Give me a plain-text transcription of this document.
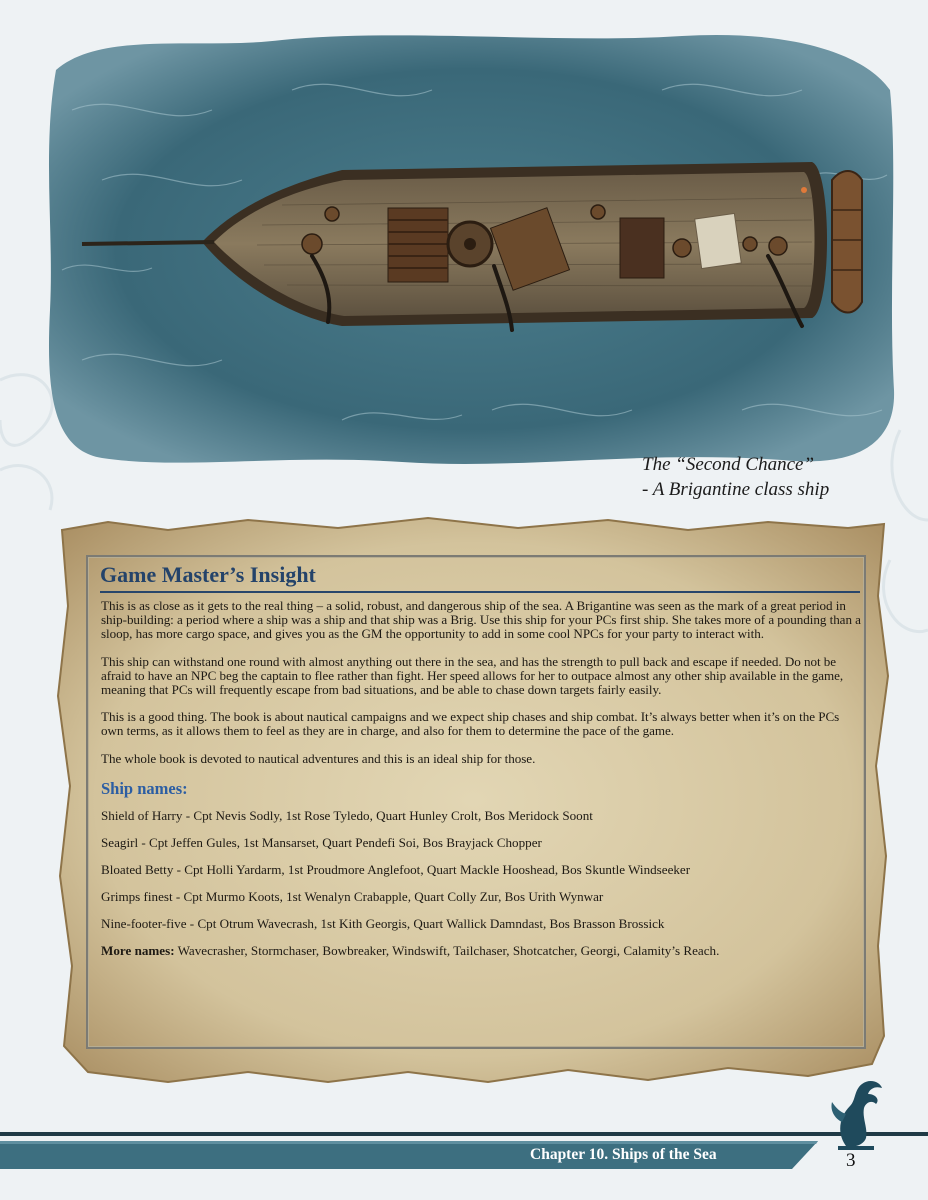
The “Second Chance”
- A Brigantine class ship
Game Master’s Insight

This is as close as it gets to the real thing – a solid, robust, and dangerous ship of the sea. A Brigantine was seen as the mark of a great period in ship-building: a period where a ship was a ship and that ship was a Brig. Use this ship for your PCs first ship. She takes more of a pounding than a sloop, has more cargo space, and gives you as the GM the opportunity to add in some cool NPCs for your party to interact with.

This ship can withstand one round with almost anything out there in the sea, and has the strength to pull back and escape if needed. Do not be afraid to have an NPC beg the captain to flee rather than fight. Her speed allows for her to outpace almost any other ship available in the game, meaning that PCs will frequently escape from bad situations, and be able to chase down targets fairly easily.

This is a good thing. The book is about nautical campaigns and we expect ship chases and ship combat. It’s always better when it’s on the PCs own terms, as it allows them to feel as they are in charge, and also for them to determine the pace of the game.

The whole book is devoted to nautical adventures and this is an ideal ship for those.

Ship names:
Shield of Harry - Cpt Nevis Sodly, 1st Rose Tyledo, Quart Hunley Crolt, Bos Meridock Soont
Seagirl - Cpt Jeffen Gules, 1st Mansarset, Quart Pendefi Soi, Bos Brayjack Chopper
Bloated Betty - Cpt Holli Yardarm, 1st Proudmore Anglefoot, Quart Mackle Hooshead, Bos Skuntle Windseeker
Grimps finest - Cpt Murmo Koots, 1st Wenalyn Crabapple, Quart Colly Zur, Bos Urith Wynwar
Nine-footer-five - Cpt Otrum Wavecrash, 1st Kith Georgis, Quart Wallick Damndast, Bos Brasson Brossick
More names: Wavecrasher, Stormchaser, Bowbreaker, Windswift, Tailchaser, Shotcatcher, Georgi, Calamity’s Reach.
Chapter 10. Ships of the Sea	3
